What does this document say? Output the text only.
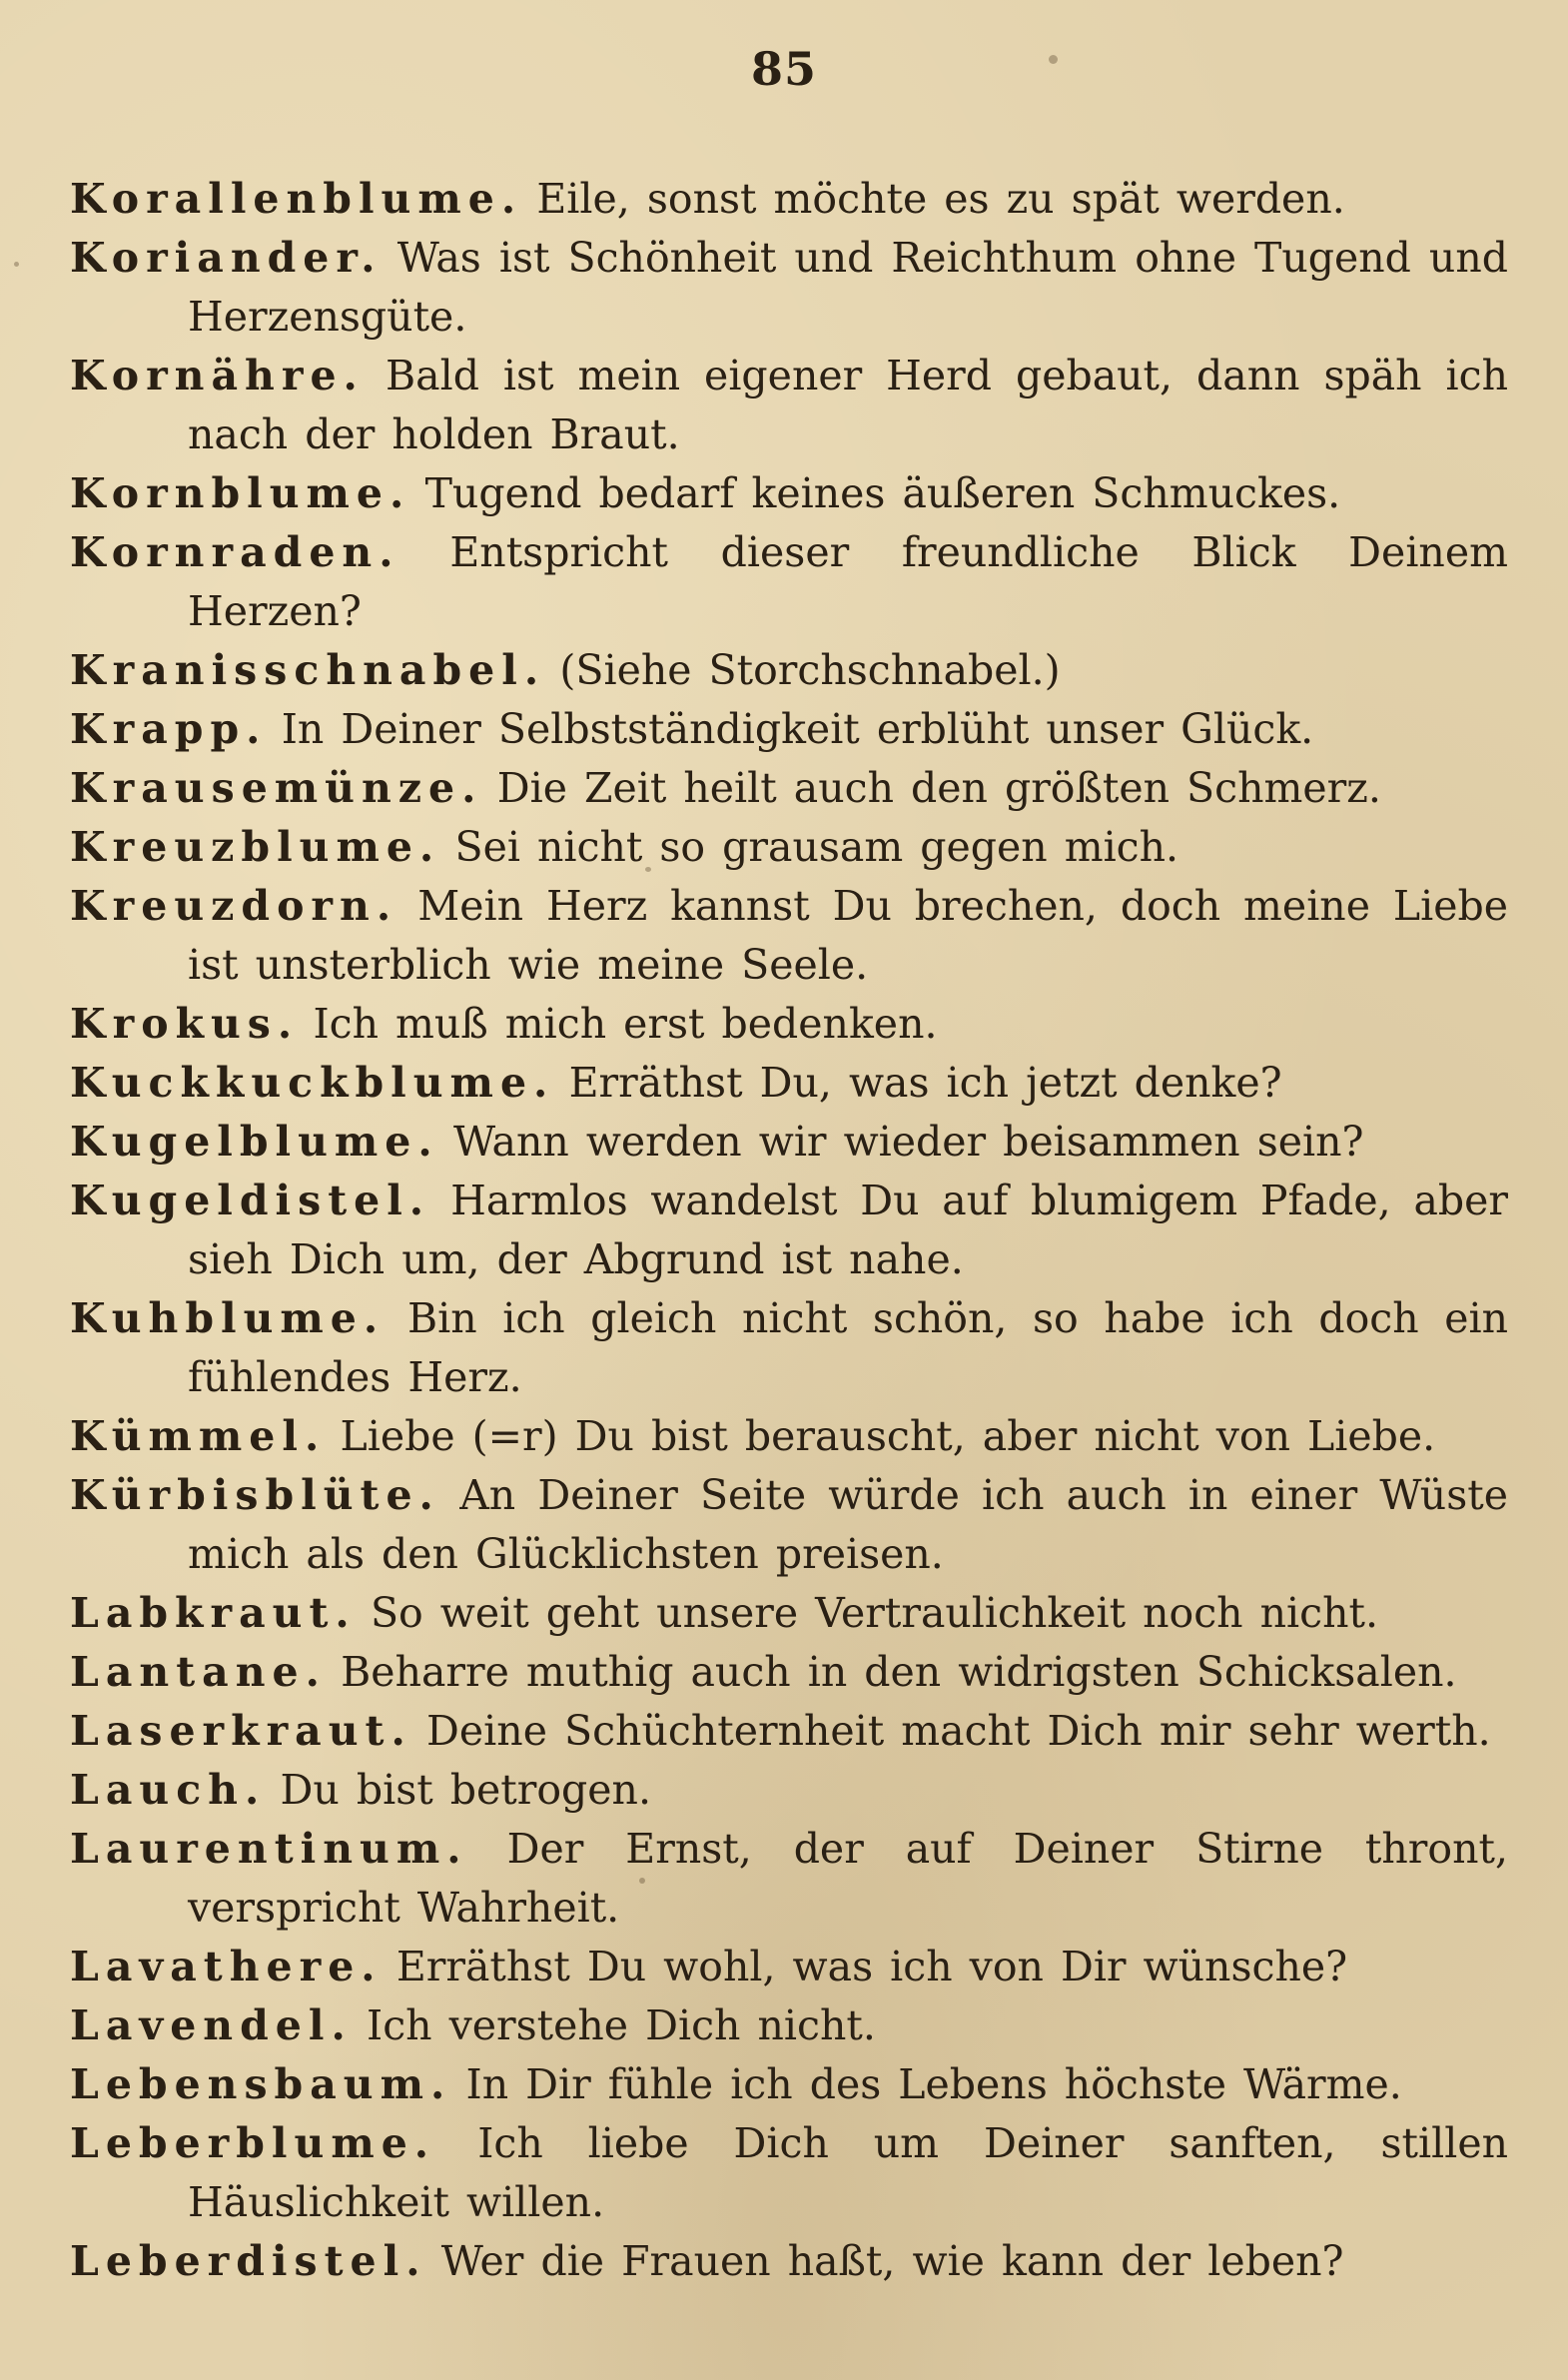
85
Korallenblume. Eile, sonst möchte es zu spät werden.
Koriander. Was ist Schönheit und Reichthum ohne Tugend und Herzensgüte.
Kornähre. Bald ist mein eigener Herd gebaut, dann späh ich nach der holden Braut.
Kornblume. Tugend bedarf keines äußeren Schmuckes.
Kornraden. Entspricht dieser freundliche Blick Deinem Herzen?
Kranisschnabel. (Siehe Storchschnabel.)
Krapp. In Deiner Selbstständigkeit erblüht unser Glück.
Krausemünze. Die Zeit heilt auch den größten Schmerz.
Kreuzblume. Sei nicht so grausam gegen mich.
Kreuzdorn. Mein Herz kannst Du brechen, doch meine Liebe ist unsterblich wie meine Seele.
Krokus. Ich muß mich erst bedenken.
Kuckkuckblume. Erräthst Du, was ich jetzt denke?
Kugelblume. Wann werden wir wieder beisammen sein?
Kugeldistel. Harmlos wandelst Du auf blumigem Pfade, aber sieh Dich um, der Abgrund ist nahe.
Kuhblume. Bin ich gleich nicht schön, so habe ich doch ein fühlendes Herz.
Kümmel. Liebe (=r) Du bist berauscht, aber nicht von Liebe.
Kürbisblüte. An Deiner Seite würde ich auch in einer Wüste mich als den Glücklichsten preisen.
Labkraut. So weit geht unsere Vertraulichkeit noch nicht.
Lantane. Beharre muthig auch in den widrigsten Schicksalen.
Laserkraut. Deine Schüchternheit macht Dich mir sehr werth.
Lauch. Du bist betrogen.
Laurentinum. Der Ernst, der auf Deiner Stirne thront, verspricht Wahrheit.
Lavathere. Erräthst Du wohl, was ich von Dir wünsche?
Lavendel. Ich verstehe Dich nicht.
Lebensbaum. In Dir fühle ich des Lebens höchste Wärme.
Leberblume. Ich liebe Dich um Deiner sanften, stillen Häuslichkeit willen.
Leberdistel. Wer die Frauen haßt, wie kann der leben?
